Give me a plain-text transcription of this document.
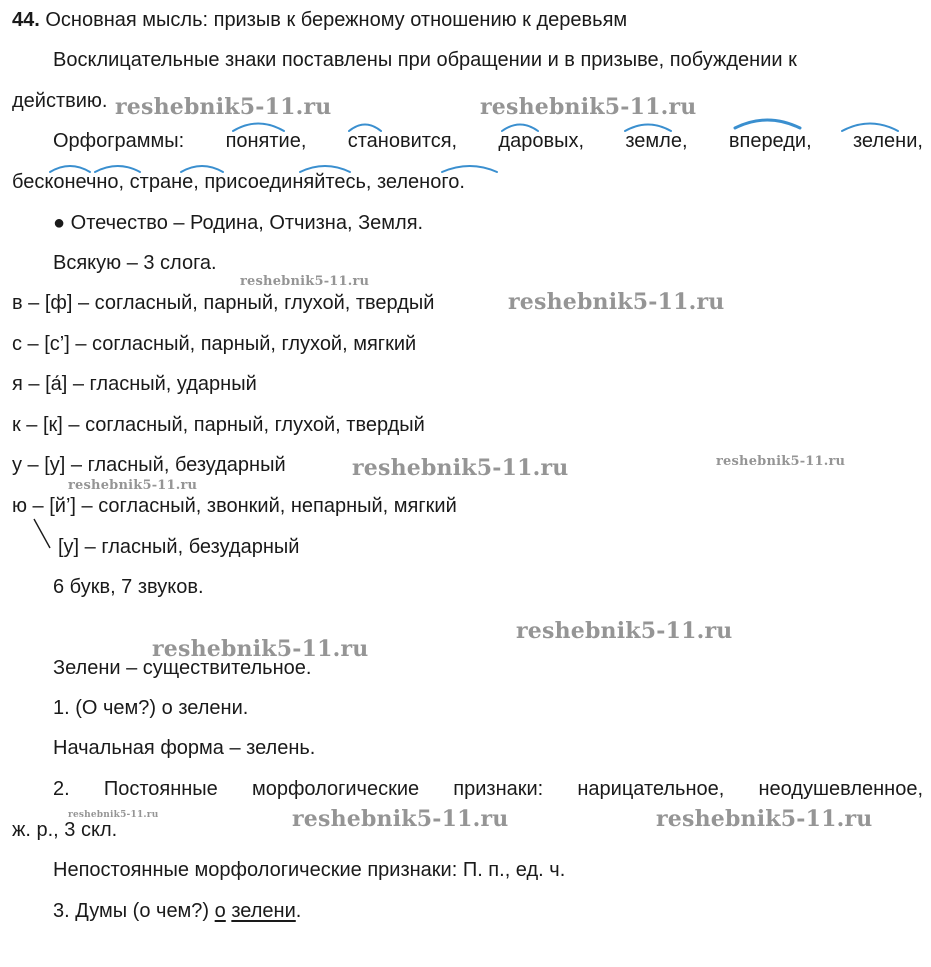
44. Основная мысль: призыв к бережному отношению к деревьям
Восклицательные знаки поставлены при обращении и в призыве, побуждении к
действию.
Орфограммы: понятие, становится, даровых, земле, впереди, зелени,
бесконечно, стране, присоединяйтесь, зеленого.
● Отечество – Родина, Отчизна, Земля.
Всякую – 3 слога.
в – [ф] – согласный, парный, глухой, твердый
с – [с’] – согласный, парный, глухой, мягкий
я – [а́] – гласный, ударный
к – [к] – согласный, парный, глухой, твердый
у – [у] – гласный, безударный
ю – [й’] – согласный, звонкий, непарный, мягкий
[у] – гласный, безударный
6 букв, 7 звуков.
Зелени – существительное.
1. (О чем?) о зелени.
Начальная форма – зелень.
2. Постоянные морфологические признаки: нарицательное, неодушевленное,
ж. р., 3 скл.
Непостоянные морфологические признаки: П. п., ед. ч.
3. Думы (о чем?) о зелени.
reshebnik5-11.ru	reshebnik5-11.ru
reshebnik5-11.ru
reshebnik5-11.ru
reshebnik5-11.ru	reshebnik5-11.ru
reshebnik5-11.ru
reshebnik5-11.ru
reshebnik5-11.ru
reshebnik5-11.ru	reshebnik5-11.ru	reshebnik5-11.ru
